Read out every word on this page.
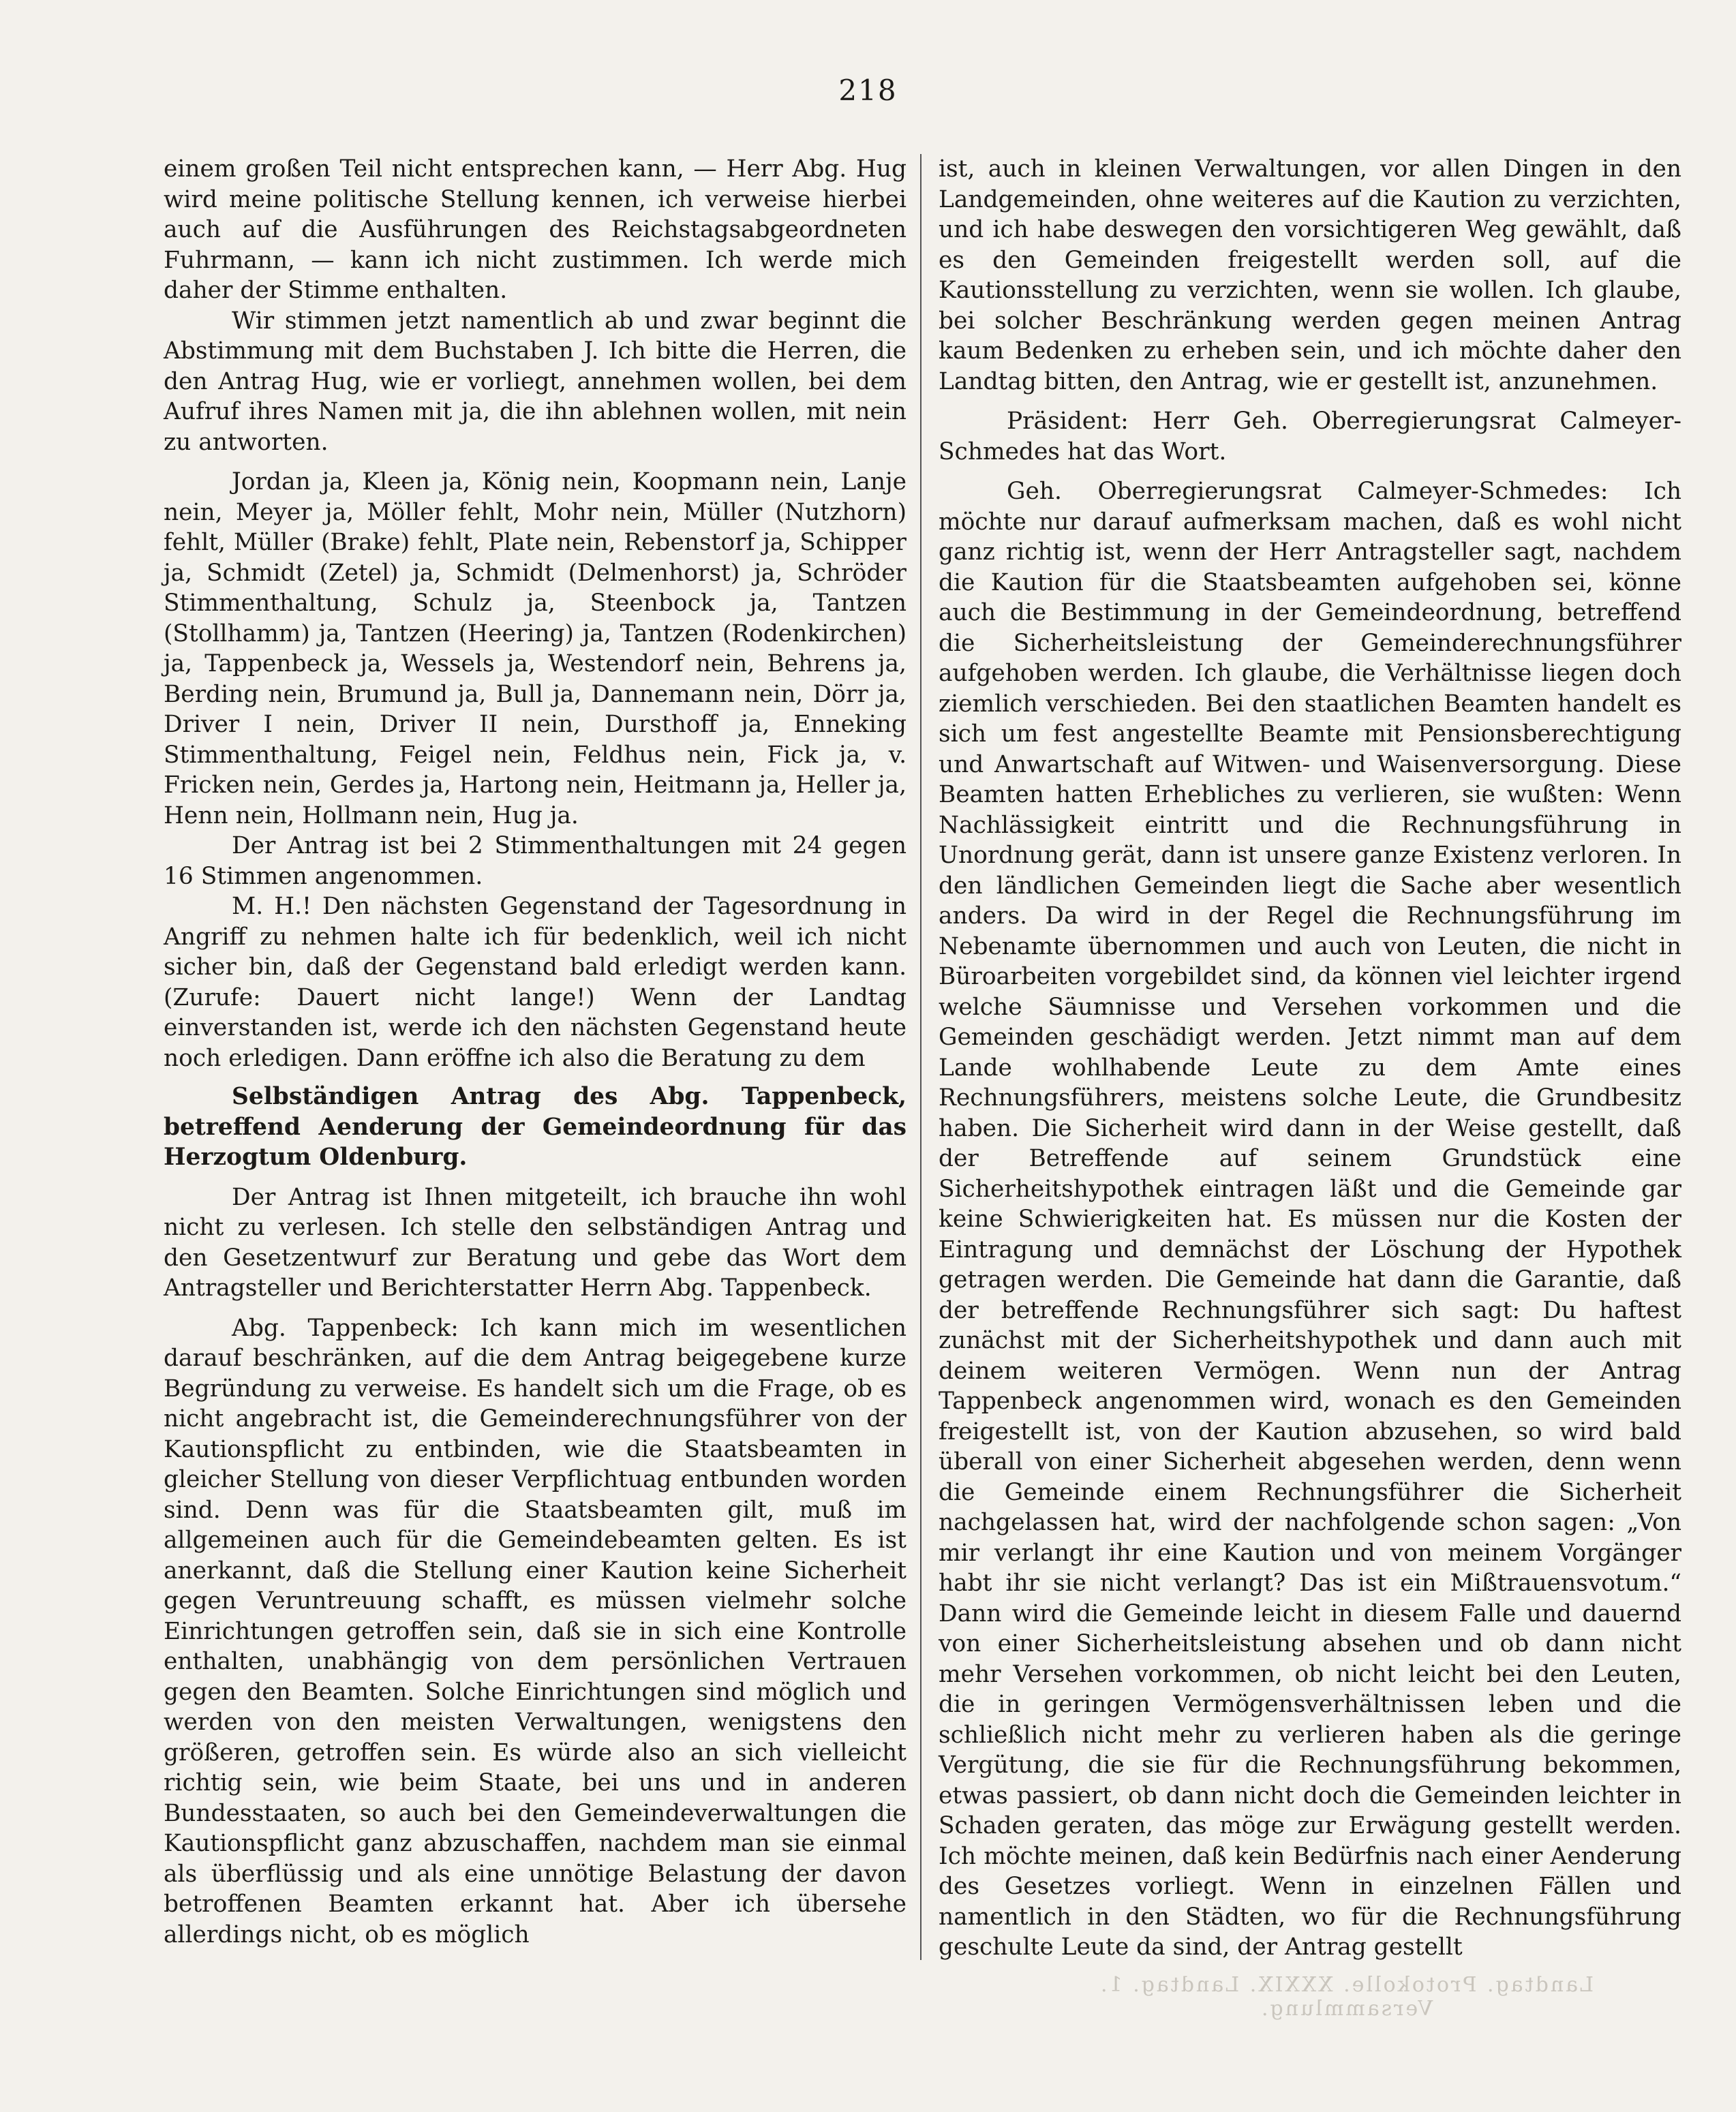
218

einem großen Teil nicht entsprechen kann, — Herr Abg. Hug wird meine politische Stellung kennen, ich verweise hierbei auch auf die Ausführungen des Reichstagsabgeordneten Fuhrmann, — kann ich nicht zustimmen. Ich werde mich daher der Stimme enthalten.

Wir stimmen jetzt namentlich ab und zwar beginnt die Abstimmung mit dem Buchstaben J. Ich bitte die Herren, die den Antrag Hug, wie er vorliegt, annehmen wollen, bei dem Aufruf ihres Namen mit ja, die ihn ablehnen wollen, mit nein zu antworten.

Jordan ja, Kleen ja, König nein, Koopmann nein, Lanje nein, Meyer ja, Möller fehlt, Mohr nein, Müller (Nutzhorn) fehlt, Müller (Brake) fehlt, Plate nein, Rebenstorf ja, Schipper ja, Schmidt (Zetel) ja, Schmidt (Delmenhorst) ja, Schröder Stimmenthaltung, Schulz ja, Steenbock ja, Tantzen (Stollhamm) ja, Tantzen (Heering) ja, Tantzen (Rodenkirchen) ja, Tappenbeck ja, Wessels ja, Westendorf nein, Behrens ja, Berding nein, Brumund ja, Bull ja, Dannemann nein, Dörr ja, Driver I nein, Driver II nein, Dursthoff ja, Enneking Stimmenthaltung, Feigel nein, Feldhus nein, Fick ja, v. Fricken nein, Gerdes ja, Hartong nein, Heitmann ja, Heller ja, Henn nein, Hollmann nein, Hug ja.

Der Antrag ist bei 2 Stimmenthaltungen mit 24 gegen 16 Stimmen angenommen.

M. H.! Den nächsten Gegenstand der Tagesordnung in Angriff zu nehmen halte ich für bedenklich, weil ich nicht sicher bin, daß der Gegenstand bald erledigt werden kann. (Zurufe: Dauert nicht lange!) Wenn der Landtag einverstanden ist, werde ich den nächsten Gegenstand heute noch erledigen. Dann eröffne ich also die Beratung zu dem

Selbständigen Antrag des Abg. Tappenbeck, betreffend Aenderung der Gemeindeordnung für das Herzogtum Oldenburg.

Der Antrag ist Ihnen mitgeteilt, ich brauche ihn wohl nicht zu verlesen. Ich stelle den selbständigen Antrag und den Gesetzentwurf zur Beratung und gebe das Wort dem Antragsteller und Berichterstatter Herrn Abg. Tappenbeck.

Abg. Tappenbeck: Ich kann mich im wesentlichen darauf beschränken, auf die dem Antrag beigegebene kurze Begründung zu verweise. Es handelt sich um die Frage, ob es nicht angebracht ist, die Gemeinderechnungsführer von der Kautionspflicht zu entbinden, wie die Staatsbeamten in gleicher Stellung von dieser Verpflichtuag entbunden worden sind. Denn was für die Staatsbeamten gilt, muß im allgemeinen auch für die Gemeindebeamten gelten. Es ist anerkannt, daß die Stellung einer Kaution keine Sicherheit gegen Veruntreuung schafft, es müssen vielmehr solche Einrichtungen getroffen sein, daß sie in sich eine Kontrolle enthalten, unabhängig von dem persönlichen Vertrauen gegen den Beamten. Solche Einrichtungen sind möglich und werden von den meisten Verwaltungen, wenigstens den größeren, getroffen sein. Es würde also an sich vielleicht richtig sein, wie beim Staate, bei uns und in anderen Bundesstaaten, so auch bei den Gemeindeverwaltungen die Kautionspflicht ganz abzuschaffen, nachdem man sie einmal als überflüssig und als eine unnötige Belastung der davon betroffenen Beamten erkannt hat. Aber ich übersehe allerdings nicht, ob es möglich

ist, auch in kleinen Verwaltungen, vor allen Dingen in den Landgemeinden, ohne weiteres auf die Kaution zu verzichten, und ich habe deswegen den vorsichtigeren Weg gewählt, daß es den Gemeinden freigestellt werden soll, auf die Kautionsstellung zu verzichten, wenn sie wollen. Ich glaube, bei solcher Beschränkung werden gegen meinen Antrag kaum Bedenken zu erheben sein, und ich möchte daher den Landtag bitten, den Antrag, wie er gestellt ist, anzunehmen.

Präsident: Herr Geh. Oberregierungsrat Calmeyer-Schmedes hat das Wort.

Geh. Oberregierungsrat Calmeyer-Schmedes: Ich möchte nur darauf aufmerksam machen, daß es wohl nicht ganz richtig ist, wenn der Herr Antragsteller sagt, nachdem die Kaution für die Staatsbeamten aufgehoben sei, könne auch die Bestimmung in der Gemeindeordnung, betreffend die Sicherheitsleistung der Gemeinderechnungsführer aufgehoben werden. Ich glaube, die Verhältnisse liegen doch ziemlich verschieden. Bei den staatlichen Beamten handelt es sich um fest angestellte Beamte mit Pensionsberechtigung und Anwartschaft auf Witwen- und Waisenversorgung. Diese Beamten hatten Erhebliches zu verlieren, sie wußten: Wenn Nachlässigkeit eintritt und die Rechnungsführung in Unordnung gerät, dann ist unsere ganze Existenz verloren. In den ländlichen Gemeinden liegt die Sache aber wesentlich anders. Da wird in der Regel die Rechnungsführung im Nebenamte übernommen und auch von Leuten, die nicht in Büroarbeiten vorgebildet sind, da können viel leichter irgend welche Säumnisse und Versehen vorkommen und die Gemeinden geschädigt werden. Jetzt nimmt man auf dem Lande wohlhabende Leute zu dem Amte eines Rechnungsführers, meistens solche Leute, die Grundbesitz haben. Die Sicherheit wird dann in der Weise gestellt, daß der Betreffende auf seinem Grundstück eine Sicherheitshypothek eintragen läßt und die Gemeinde gar keine Schwierigkeiten hat. Es müssen nur die Kosten der Eintragung und demnächst der Löschung der Hypothek getragen werden. Die Gemeinde hat dann die Garantie, daß der betreffende Rechnungsführer sich sagt: Du haftest zunächst mit der Sicherheitshypothek und dann auch mit deinem weiteren Vermögen. Wenn nun der Antrag Tappenbeck angenommen wird, wonach es den Gemeinden freigestellt ist, von der Kaution abzusehen, so wird bald überall von einer Sicherheit abgesehen werden, denn wenn die Gemeinde einem Rechnungsführer die Sicherheit nachgelassen hat, wird der nachfolgende schon sagen: „Von mir verlangt ihr eine Kaution und von meinem Vorgänger habt ihr sie nicht verlangt? Das ist ein Mißtrauensvotum.“ Dann wird die Gemeinde leicht in diesem Falle und dauernd von einer Sicherheitsleistung absehen und ob dann nicht mehr Versehen vorkommen, ob nicht leicht bei den Leuten, die in geringen Vermögensverhältnissen leben und die schließlich nicht mehr zu verlieren haben als die geringe Vergütung, die sie für die Rechnungsführung bekommen, etwas passiert, ob dann nicht doch die Gemeinden leichter in Schaden geraten, das möge zur Erwägung gestellt werden. Ich möchte meinen, daß kein Bedürfnis nach einer Aenderung des Gesetzes vorliegt. Wenn in einzelnen Fällen und namentlich in den Städten, wo für die Rechnungsführung geschulte Leute da sind, der Antrag gestellt

Landtag. Protokolle. XXXIX. Landtag. 1. Versammlung.
